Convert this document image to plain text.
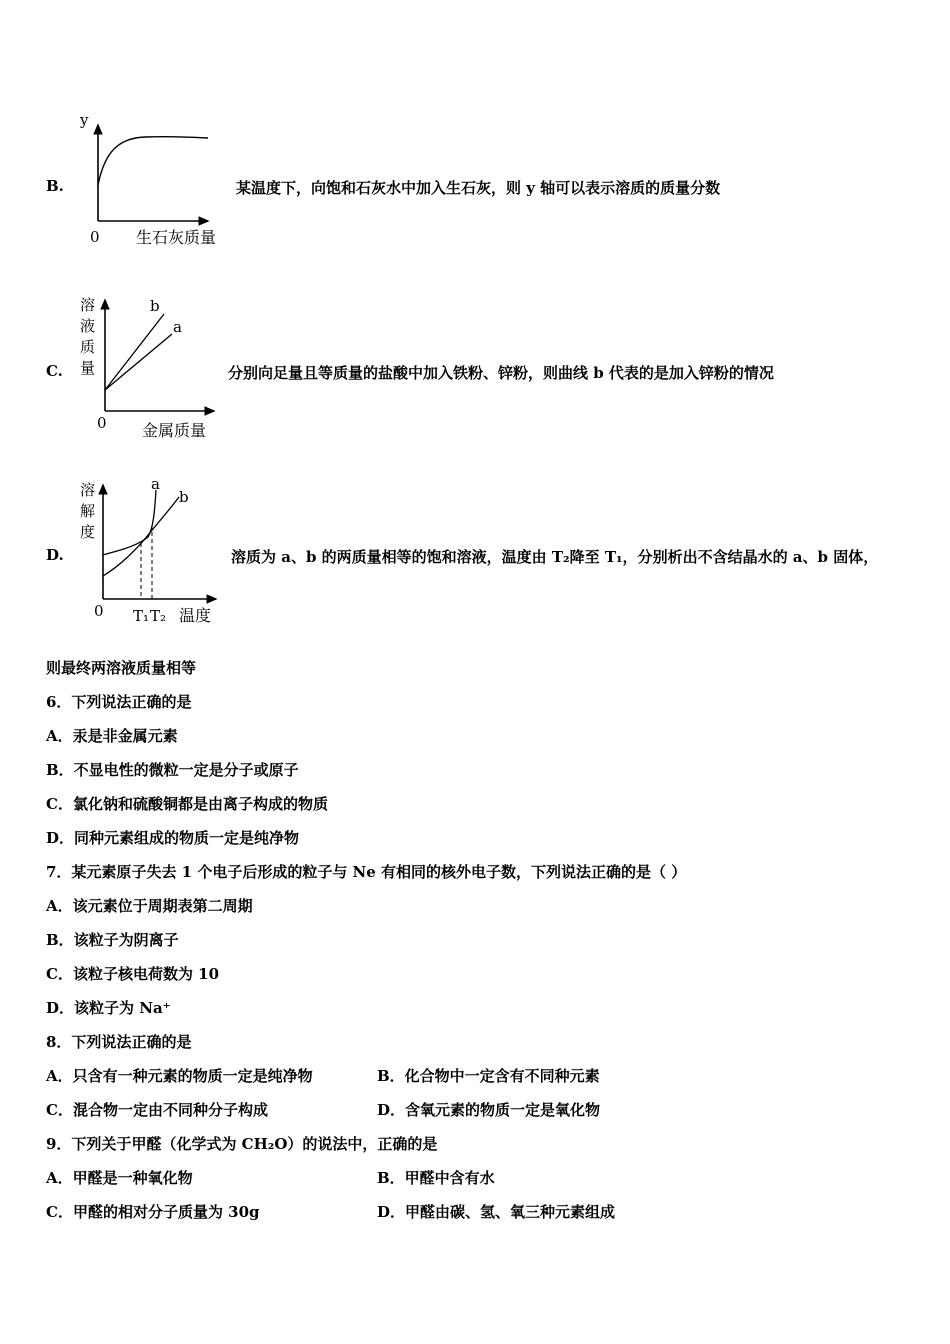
B.
y
0 生石灰质量
某温度下，向饱和石灰水中加入生石灰，则 y 轴可以表示溶质的质量分数
C.
溶
液
质
量
b
a
0 金属质量
分别向足量且等质量的盐酸中加入铁粉、锌粉，则曲线 b 代表的是加入锌粉的情况
D.
溶
解
度
a
b
0 T₁ T₂ 温度
溶质为 a、b 的两质量相等的饱和溶液，温度由 T₂降至 T₁，分别析出不含结晶水的 a、b 固体，
则最终两溶液质量相等
6．下列说法正确的是
A．汞是非金属元素
B．不显电性的微粒一定是分子或原子
C．氯化钠和硫酸铜都是由离子构成的物质
D．同种元素组成的物质一定是纯净物
7．某元素原子失去 1 个电子后形成的粒子与 Ne 有相同的核外电子数，下列说法正确的是（ ）
A．该元素位于周期表第二周期
B．该粒子为阴离子
C．该粒子核电荷数为 10
D．该粒子为 Na⁺
8．下列说法正确的是
A．只含有一种元素的物质一定是纯净物	B．化合物中一定含有不同种元素
C．混合物一定由不同种分子构成	D．含氧元素的物质一定是氧化物
9．下列关于甲醛（化学式为 CH₂O）的说法中，正确的是
A．甲醛是一种氧化物	B．甲醛中含有水
C．甲醛的相对分子质量为 30g	D．甲醛由碳、氢、氧三种元素组成
